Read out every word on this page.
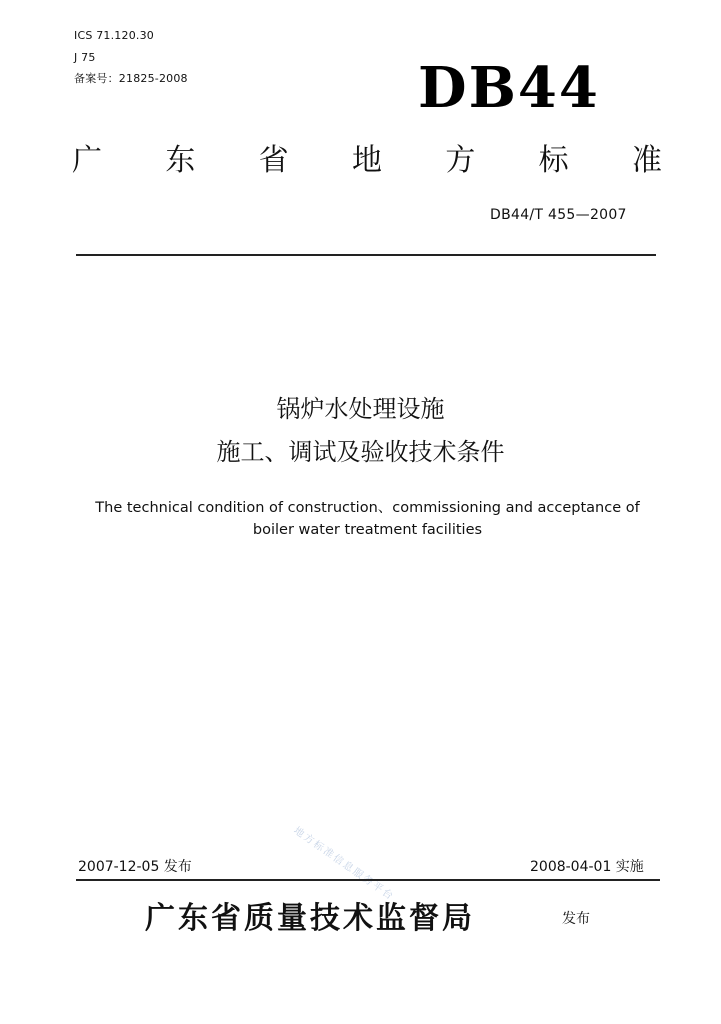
ICS 71.120.30
J 75
备案号：21825-2008	DB44
广 东 省 地 方 标 准
DB44/T 455—2007
锅炉水处理设施
施工、调试及验收技术条件
The technical condition of construction、commissioning and acceptance of
boiler water treatment facilities
地方标准信息服务平台
2007-12-05 发布	2008-04-01 实施
广东省质量技术监督局	发布
